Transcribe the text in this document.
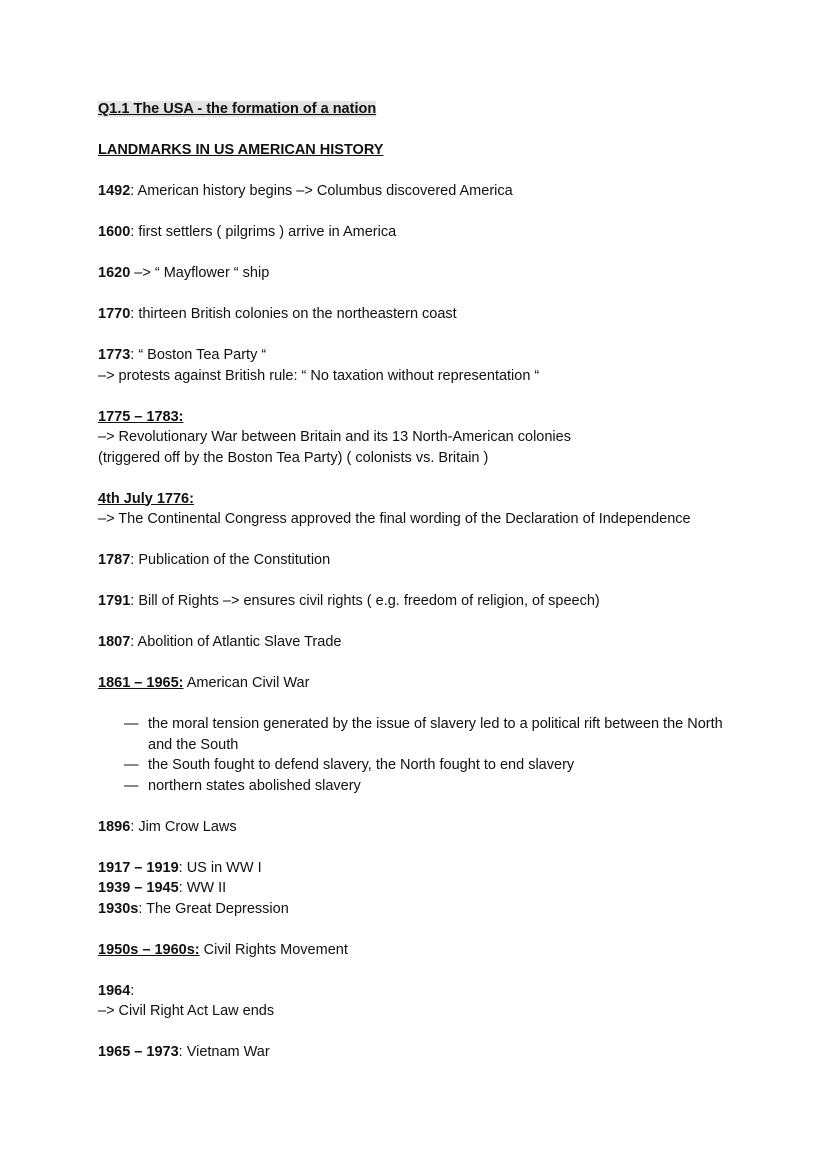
Q1.1 The USA - the formation of a nation
LANDMARKS IN US AMERICAN HISTORY
1492: American history begins –> Columbus discovered America
1600: first settlers ( pilgrims ) arrive in America
1620 –> “ Mayflower “ ship
1770: thirteen British colonies on the northeastern coast
1773: “ Boston Tea Party “
–> protests against British rule: “ No taxation without representation “
1775 – 1783:
–> Revolutionary War between Britain and its 13 North-American colonies
(triggered off by the Boston Tea Party) ( colonists vs. Britain )
4th July 1776:
–> The Continental Congress approved the final wording of the Declaration of Independence
1787: Publication of the Constitution
1791: Bill of Rights –> ensures civil rights ( e.g. freedom of religion, of speech)
1807: Abolition of Atlantic Slave Trade
1861 – 1965: American Civil War
— the moral tension generated by the issue of slavery led to a political rift between the North and the South
— the South fought to defend slavery, the North fought to end slavery
— northern states abolished slavery
1896: Jim Crow Laws
1917 – 1919: US in WW I
1939 – 1945: WW II
1930s: The Great Depression
1950s – 1960s: Civil Rights Movement
1964:
–> Civil Right Act Law ends
1965 – 1973: Vietnam War
